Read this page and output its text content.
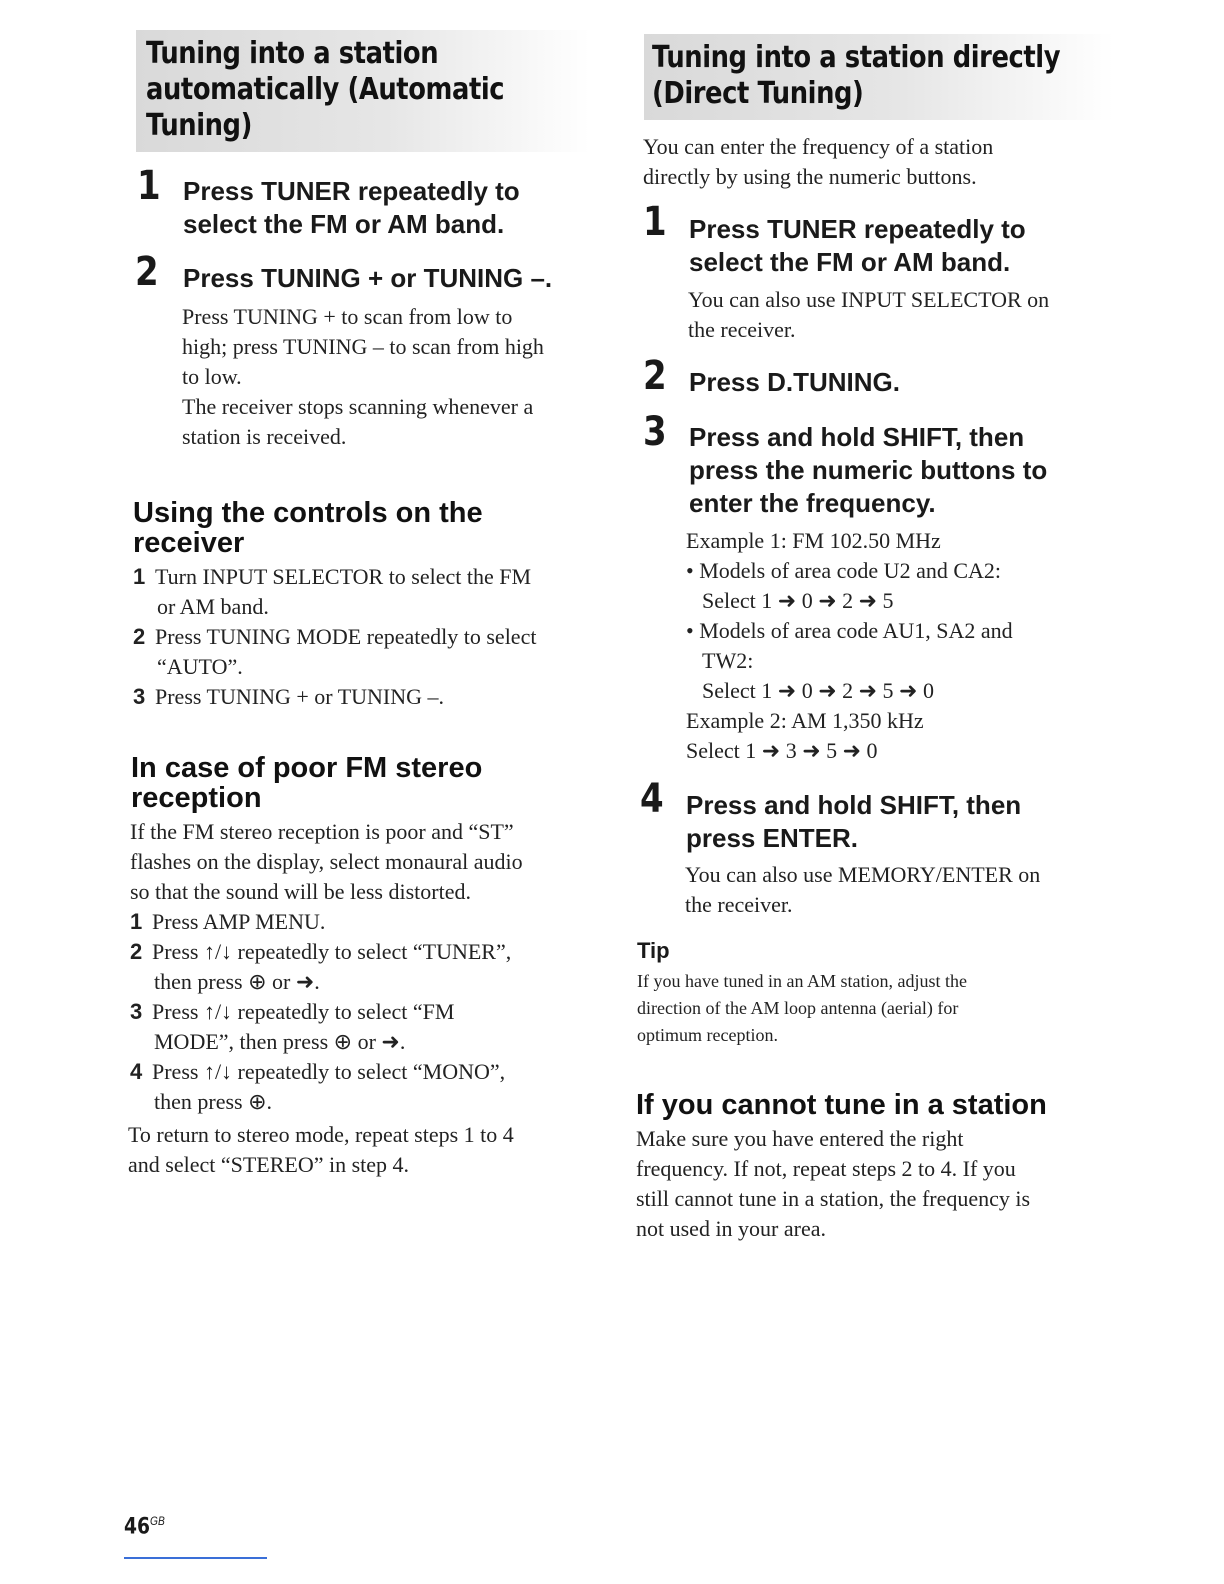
Tuning into a station
automatically (Automatic
Tuning)
1 Press TUNER repeatedly to
select the FM or AM band.
2 Press TUNING + or TUNING –.
Press TUNING + to scan from low to
high; press TUNING – to scan from high
to low.
The receiver stops scanning whenever a
station is received.
Using the controls on the
receiver
1 Turn INPUT SELECTOR to select the FM
or AM band.
2 Press TUNING MODE repeatedly to select
“AUTO”.
3 Press TUNING + or TUNING –.
In case of poor FM stereo
reception
If the FM stereo reception is poor and “ST”
flashes on the display, select monaural audio
so that the sound will be less distorted.
1 Press AMP MENU.
2 Press ↑/↓ repeatedly to select “TUNER”,
then press ⊕ or ➜.
3 Press ↑/↓ repeatedly to select “FM
MODE”, then press ⊕ or ➜.
4 Press ↑/↓ repeatedly to select “MONO”,
then press ⊕.
To return to stereo mode, repeat steps 1 to 4
and select “STEREO” in step 4.
$46^{GB}$
Tuning into a station directly
(Direct Tuning)
You can enter the frequency of a station
directly by using the numeric buttons.
1 Press TUNER repeatedly to
select the FM or AM band.
You can also use INPUT SELECTOR on
the receiver.
2 Press D.TUNING.
3 Press and hold SHIFT, then
press the numeric buttons to
enter the frequency.
Example 1: FM 102.50 MHz
• Models of area code U2 and CA2:
Select 1 ➜ 0 ➜ 2 ➜ 5
• Models of area code AU1, SA2 and
TW2:
Select 1 ➜ 0 ➜ 2 ➜ 5 ➜ 0
Example 2: AM 1,350 kHz
Select 1 ➜ 3 ➜ 5 ➜ 0
4 Press and hold SHIFT, then
press ENTER.
You can also use MEMORY/ENTER on
the receiver.
Tip
If you have tuned in an AM station, adjust the
direction of the AM loop antenna (aerial) for
optimum reception.
If you cannot tune in a station
Make sure you have entered the right
frequency. If not, repeat steps 2 to 4. If you
still cannot tune in a station, the frequency is
not used in your area.
